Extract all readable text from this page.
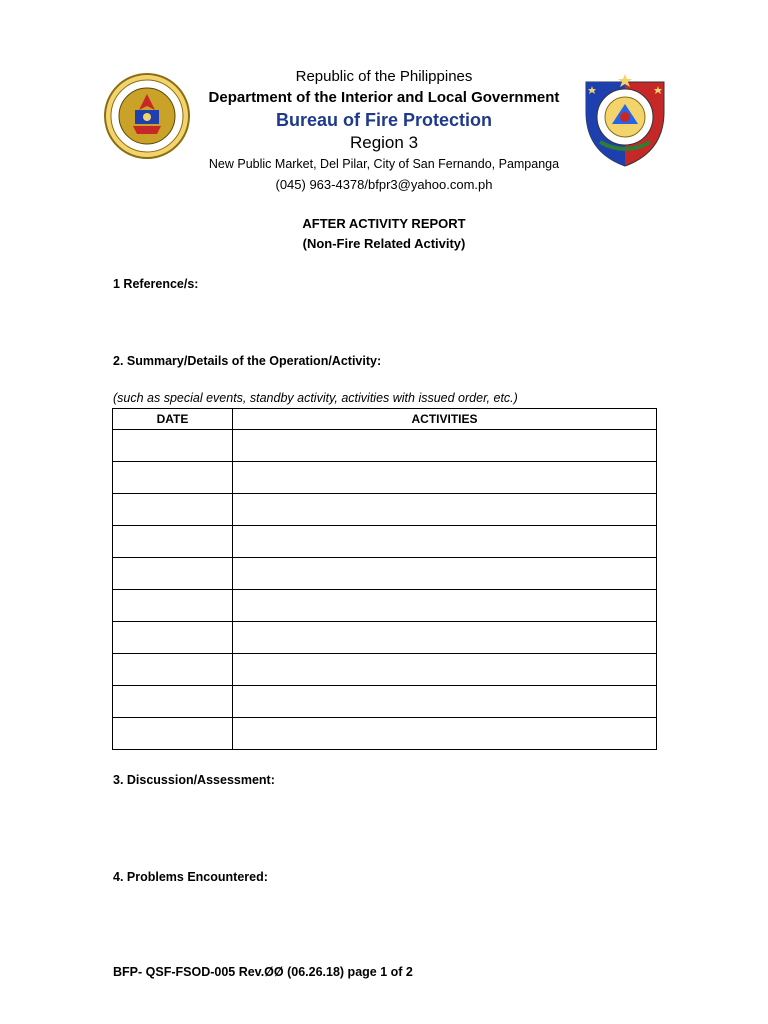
Republic of the Philippines
Department of the Interior and Local Government
Bureau of Fire Protection
Region 3
New Public Market, Del Pilar, City of San Fernando, Pampanga
(045) 963-4378/bfpr3@yahoo.com.ph
AFTER ACTIVITY REPORT
(Non-Fire Related Activity)
1 Reference/s:
2. Summary/Details of the Operation/Activity:
(such as special events, standby activity, activities with issued order, etc.)
DATE	ACTIVITIES

3. Discussion/Assessment:
4. Problems Encountered:
BFP- QSF-FSOD-005 Rev.ØØ (06.26.18) page 1 of 2
